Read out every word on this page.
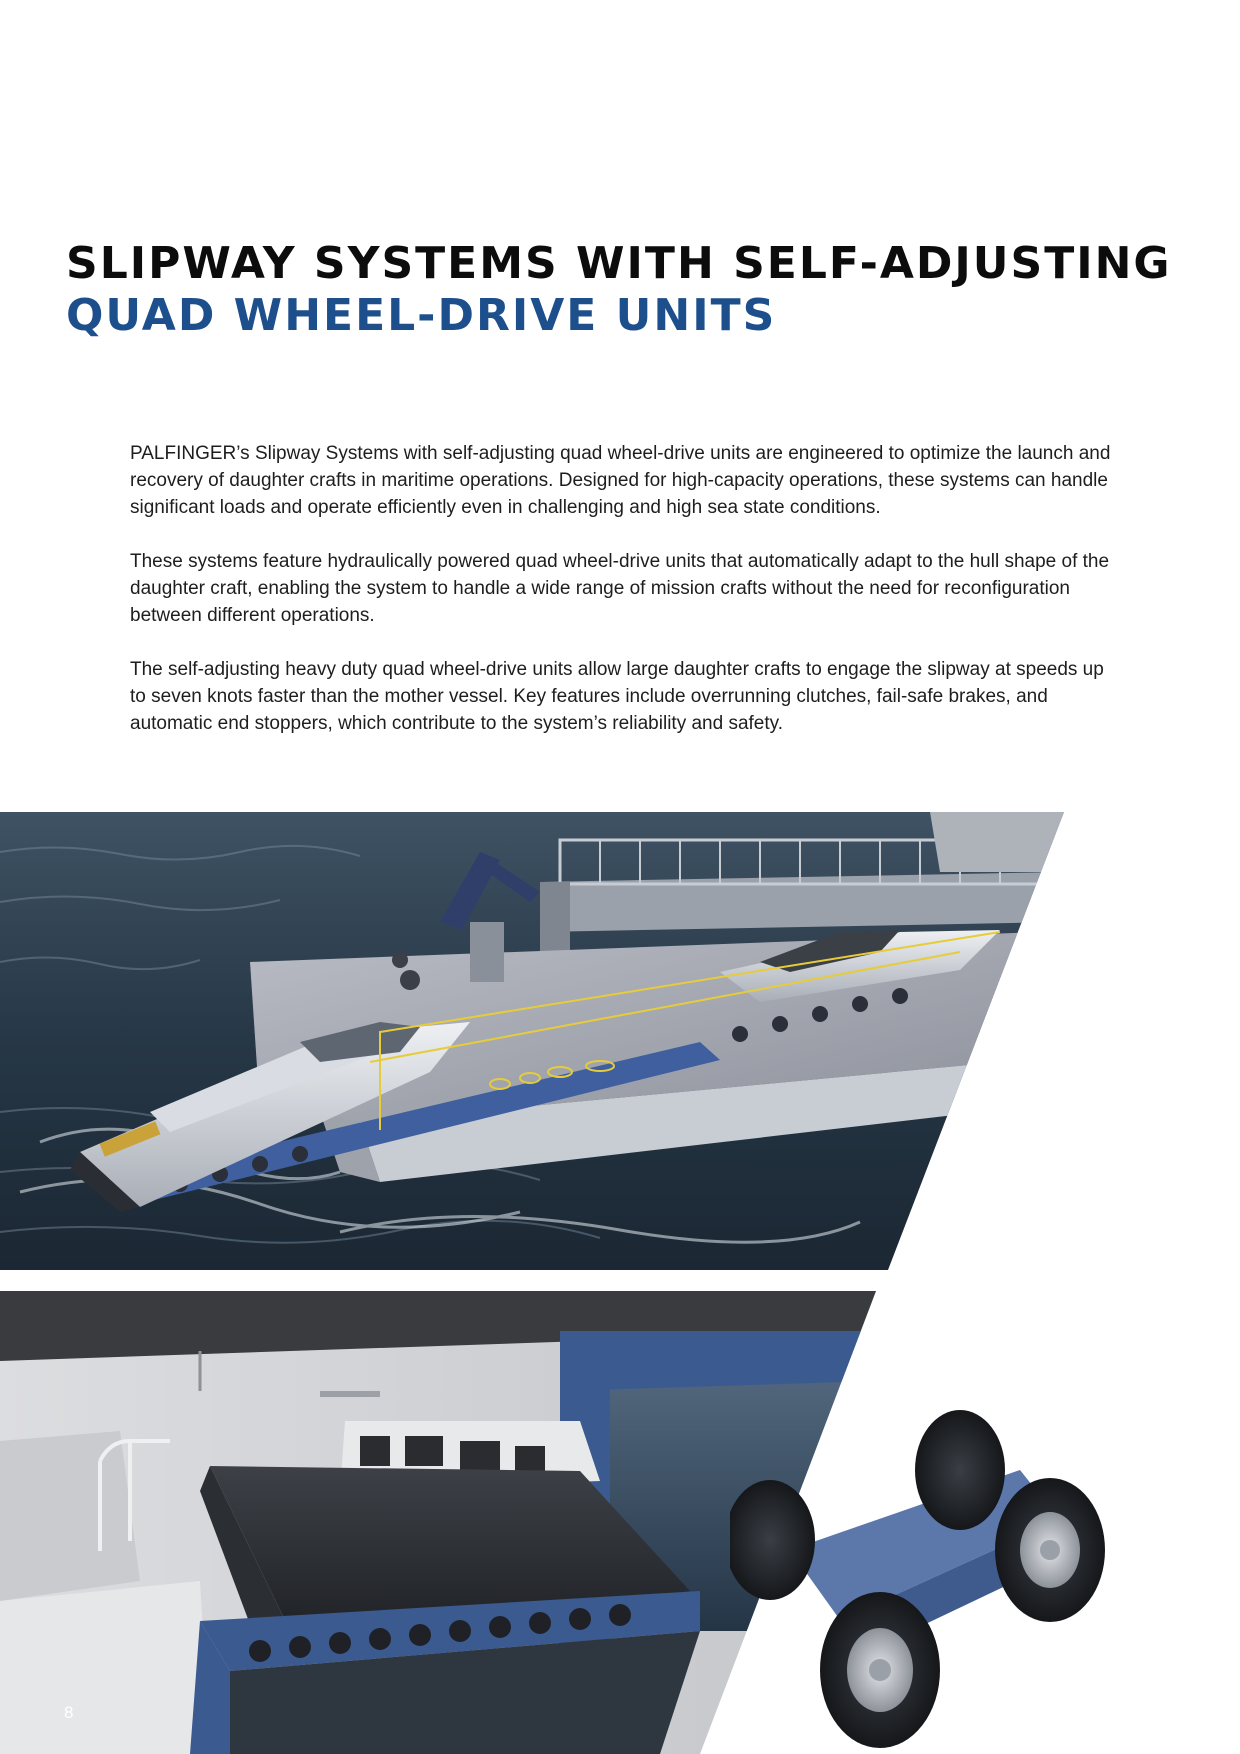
SLIPWAY SYSTEMS WITH SELF-ADJUSTING
QUAD WHEEL-DRIVE UNITS

PALFINGER’s Slipway Systems with self-adjusting quad wheel-drive units are engineered to optimize the launch and recovery of daughter crafts in maritime operations. Designed for high-capacity operations, these systems can handle significant loads and operate efficiently even in challenging and high sea state conditions.

These systems feature hydraulically powered quad wheel-drive units that automatically adapt to the hull shape of the daughter craft, enabling the system to handle a wide range of mission crafts without the need for reconfiguration between different operations.

The self-adjusting heavy duty quad wheel-drive units allow large daughter crafts to engage the slipway at speeds up to seven knots faster than the mother vessel. Key features include overrunning clutches, fail-safe brakes, and automatic end stoppers, which contribute to the system’s reliability and safety.

8
